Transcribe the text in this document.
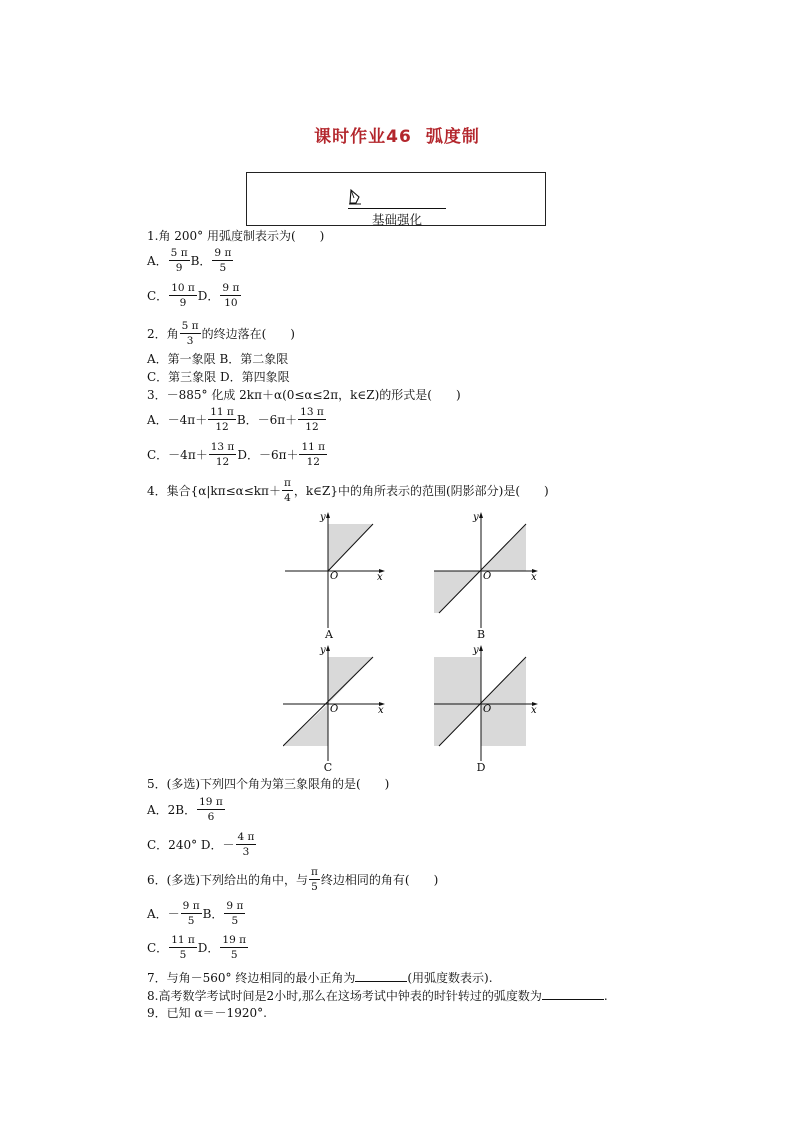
课时作业46 弧度制
基础强化
1.角 200° 用弧度制表示为(　　)
A． $\frac{5 \pi}{9}$ B． $\frac{9 \pi}{5}$
C． $\frac{10 \pi}{9}$ D． $\frac{9 \pi}{10}$
2．角 $\frac{5 \pi}{3}$ 的终边落在(　　)
A．第一象限 B．第二象限
C．第三象限 D．第四象限
3．－885° 化成 2kπ＋α(0≤α≤2π，k∈Z)的形式是(　　)
A．$-4\pi+ \frac{11 \pi}{12}$ B．$-6\pi+ \frac{13 \pi}{12}$
C．$-4\pi+ \frac{13 \pi}{12}$ D．$-6\pi+ \frac{11 \pi}{12}$
4．集合{$\alpha|k\pi\le\alpha\le k\pi+ \frac{\pi}{4}$ ，k∈Z}中的角所表示的范围(阴影部分)是(　　)
y
x
O
A
y
x
O
B
y
x
O
C
y
x
O
D
5．(多选)下列四个角为第三象限角的是(　　)
A．2B． $\frac{19 \pi}{6}$
C．240° D．－ $\frac{4 \pi}{3}$
6．(多选)下列给出的角中，与 $\frac{\pi}{5}$ 终边相同的角有(　　)
A．－ $\frac{9 \pi}{5}$ B． $\frac{9 \pi}{5}$
C． $\frac{11 \pi}{5}$ D． $\frac{19 \pi}{5}$
7．与角－560° 终边相同的最小正角为	(用弧度数表示).
8.高考数学考试时间是2小时,那么在这场考试中钟表的时针转过的弧度数为	.
9．已知 α＝－1920°.
